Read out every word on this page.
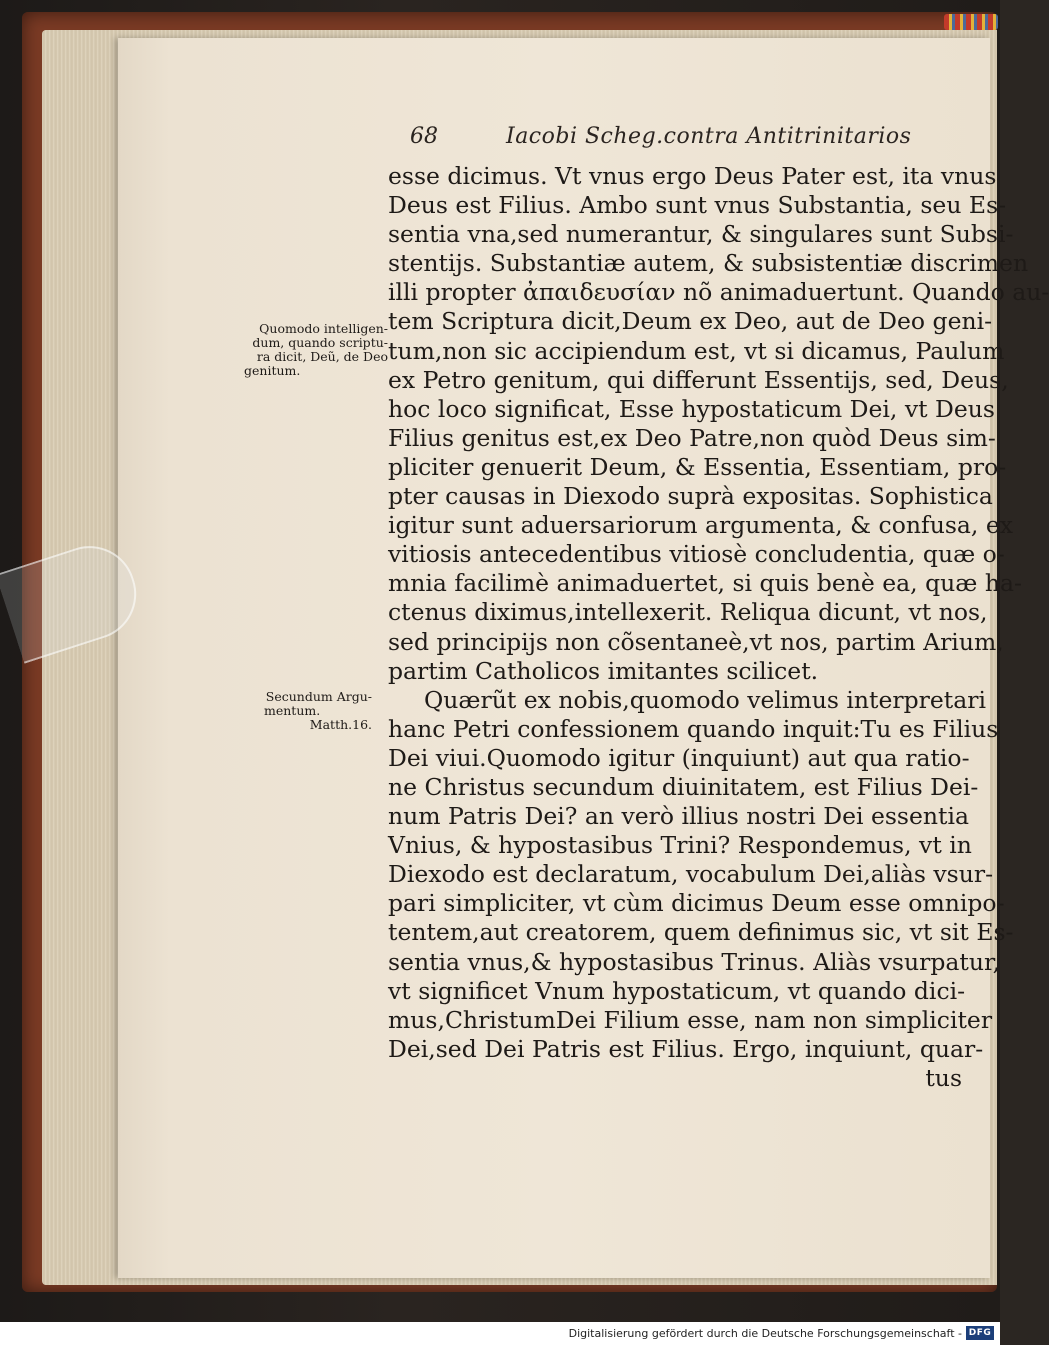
68	Iacobi Scheg.contra Antitrinitarios
Quomodo intelligen-
dum, quando scriptu-
ra dicit, Deũ, de Deo
genitum.
Secundum Argu-
mentum.
Matth.16.
esse dicimus. Vt vnus ergo Deus Pater est, ita vnus
Deus est Filius. Ambo sunt vnus Substantia, seu Es-
sentia vna,sed numerantur, & singulares sunt Subsi-
stentijs. Substantiæ autem, & subsistentiæ discrimen
illi propter ἀπαιδευσίαν nõ animaduertunt. Quando au-
tem Scriptura dicit,Deum ex Deo, aut de Deo geni-
tum,non sic accipiendum est, vt si dicamus, Paulum
ex Petro genitum, qui differunt Essentijs, sed, Deus,
hoc loco significat, Esse hypostaticum Dei, vt Deus
Filius genitus est,ex Deo Patre,non quòd Deus sim-
pliciter genuerit Deum, & Essentia, Essentiam, pro-
pter causas in Diexodo suprà expositas. Sophistica
igitur sunt aduersariorum argumenta, & confusa, ex
vitiosis antecedentibus vitiosè concludentia, quæ o-
mnia facilimè animaduertet, si quis benè ea, quæ ha-
ctenus diximus,intellexerit. Reliqua dicunt, vt nos,
sed principijs non cõsentaneè,vt nos, partim Arium,
partim Catholicos imitantes scilicet.
Quærũt ex nobis,quomodo velimus interpretari
hanc Petri confessionem quando inquit:Tu es Filius
Dei viui.Quomodo igitur (inquiunt) aut qua ratio-
ne Christus secundum diuinitatem, est Filius Dei-
num Patris Dei? an verò illius nostri Dei essentia
Vnius, & hypostasibus Trini? Respondemus, vt in
Diexodo est declaratum, vocabulum Dei,aliàs vsur-
pari simpliciter, vt cùm dicimus Deum esse omnipo-
tentem,aut creatorem, quem definimus sic, vt sit Es-
sentia vnus,& hypostasibus Trinus. Aliàs vsurpatur,
vt significet Vnum hypostaticum, vt quando dici-
mus,ChristumDei Filium esse, nam non simpliciter
Dei,sed Dei Patris est Filius. Ergo, inquiunt, quar-
tus
Digitalisierung gefördert durch die Deutsche Forschungsgemeinschaft - DFG
